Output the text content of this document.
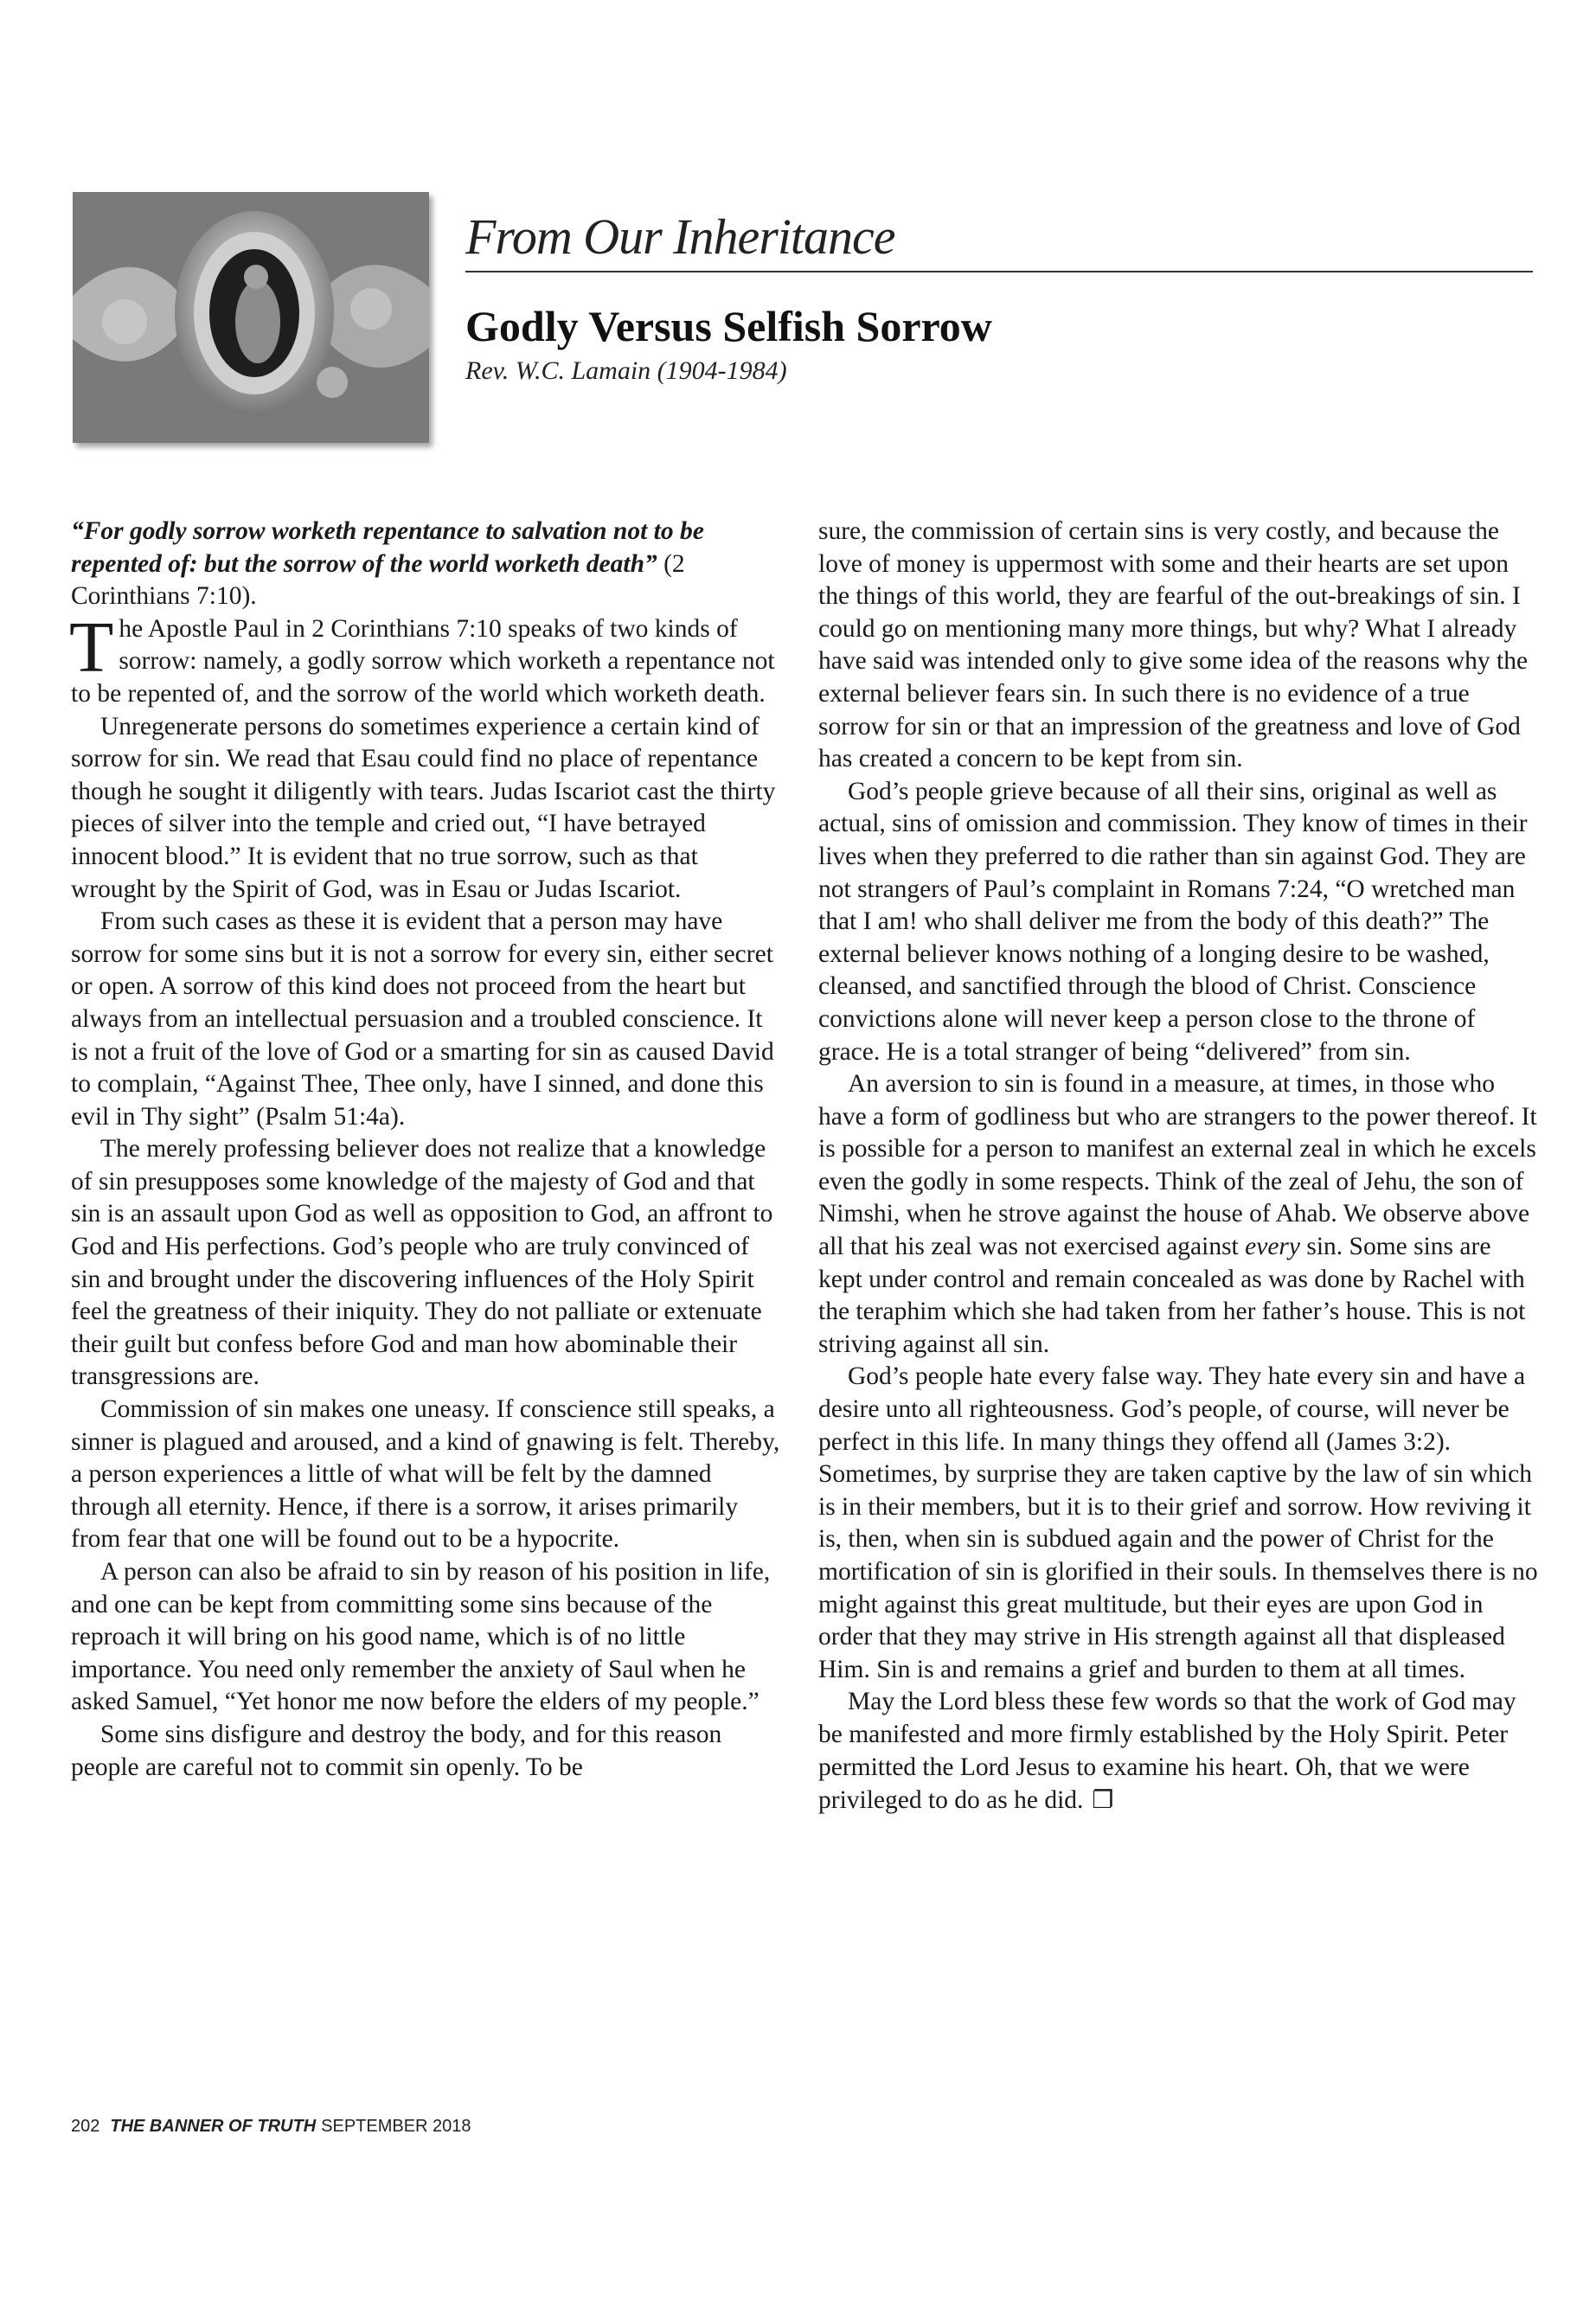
From Our Inheritance
Godly Versus Selfish Sorrow
Rev. W.C. Lamain (1904-1984)

“For godly sorrow worketh repentance to salvation not to be repented of: but the sorrow of the world worketh death” (2 Corinthians 7:10).

The Apostle Paul in 2 Corinthians 7:10 speaks of two kinds of sorrow: namely, a godly sorrow which worketh a repentance not to be repented of, and the sorrow of the world which worketh death.

Unregenerate persons do sometimes experience a certain kind of sorrow for sin. We read that Esau could find no place of repentance though he sought it diligently with tears. Judas Iscariot cast the thirty pieces of silver into the temple and cried out, “I have betrayed innocent blood.” It is evident that no true sorrow, such as that wrought by the Spirit of God, was in Esau or Judas Iscariot.

From such cases as these it is evident that a person may have sorrow for some sins but it is not a sorrow for every sin, either secret or open. A sorrow of this kind does not proceed from the heart but always from an intellectual persuasion and a troubled conscience. It is not a fruit of the love of God or a smarting for sin as caused David to complain, “Against Thee, Thee only, have I sinned, and done this evil in Thy sight” (Psalm 51:4a).

The merely professing believer does not realize that a knowledge of sin presupposes some knowledge of the majesty of God and that sin is an assault upon God as well as opposition to God, an affront to God and His perfections. God’s people who are truly convinced of sin and brought under the discovering influences of the Holy Spirit feel the greatness of their iniquity. They do not palliate or extenuate their guilt but confess before God and man how abominable their transgressions are.

Commission of sin makes one uneasy. If conscience still speaks, a sinner is plagued and aroused, and a kind of gnawing is felt. Thereby, a person experiences a little of what will be felt by the damned through all eternity. Hence, if there is a sorrow, it arises primarily from fear that one will be found out to be a hypocrite.

A person can also be afraid to sin by reason of his position in life, and one can be kept from committing some sins because of the reproach it will bring on his good name, which is of no little importance. You need only remember the anxiety of Saul when he asked Samuel, “Yet honor me now before the elders of my people.”

Some sins disfigure and destroy the body, and for this reason people are careful not to commit sin openly. To be

sure, the commission of certain sins is very costly, and because the love of money is uppermost with some and their hearts are set upon the things of this world, they are fearful of the out-breakings of sin. I could go on mentioning many more things, but why? What I already have said was intended only to give some idea of the reasons why the external believer fears sin. In such there is no evidence of a true sorrow for sin or that an impression of the greatness and love of God has created a concern to be kept from sin.

God’s people grieve because of all their sins, original as well as actual, sins of omission and commission. They know of times in their lives when they preferred to die rather than sin against God. They are not strangers of Paul’s complaint in Romans 7:24, “O wretched man that I am! who shall deliver me from the body of this death?” The external believer knows nothing of a longing desire to be washed, cleansed, and sanctified through the blood of Christ. Conscience convictions alone will never keep a person close to the throne of grace. He is a total stranger of being “delivered” from sin.

An aversion to sin is found in a measure, at times, in those who have a form of godliness but who are strangers to the power thereof. It is possible for a person to manifest an external zeal in which he excels even the godly in some respects. Think of the zeal of Jehu, the son of Nimshi, when he strove against the house of Ahab. We observe above all that his zeal was not exercised against every sin. Some sins are kept under control and remain concealed as was done by Rachel with the teraphim which she had taken from her father’s house. This is not striving against all sin.

God’s people hate every false way. They hate every sin and have a desire unto all righteousness. God’s people, of course, will never be perfect in this life. In many things they offend all (James 3:2). Sometimes, by surprise they are taken captive by the law of sin which is in their members, but it is to their grief and sorrow. How reviving it is, then, when sin is subdued again and the power of Christ for the mortification of sin is glorified in their souls. In themselves there is no might against this great multitude, but their eyes are upon God in order that they may strive in His strength against all that displeased Him. Sin is and remains a grief and burden to them at all times.

May the Lord bless these few words so that the work of God may be manifested and more firmly established by the Holy Spirit. Peter permitted the Lord Jesus to examine his heart. Oh, that we were privileged to do as he did. ❐

202 THE BANNER OF TRUTH SEPTEMBER 2018
